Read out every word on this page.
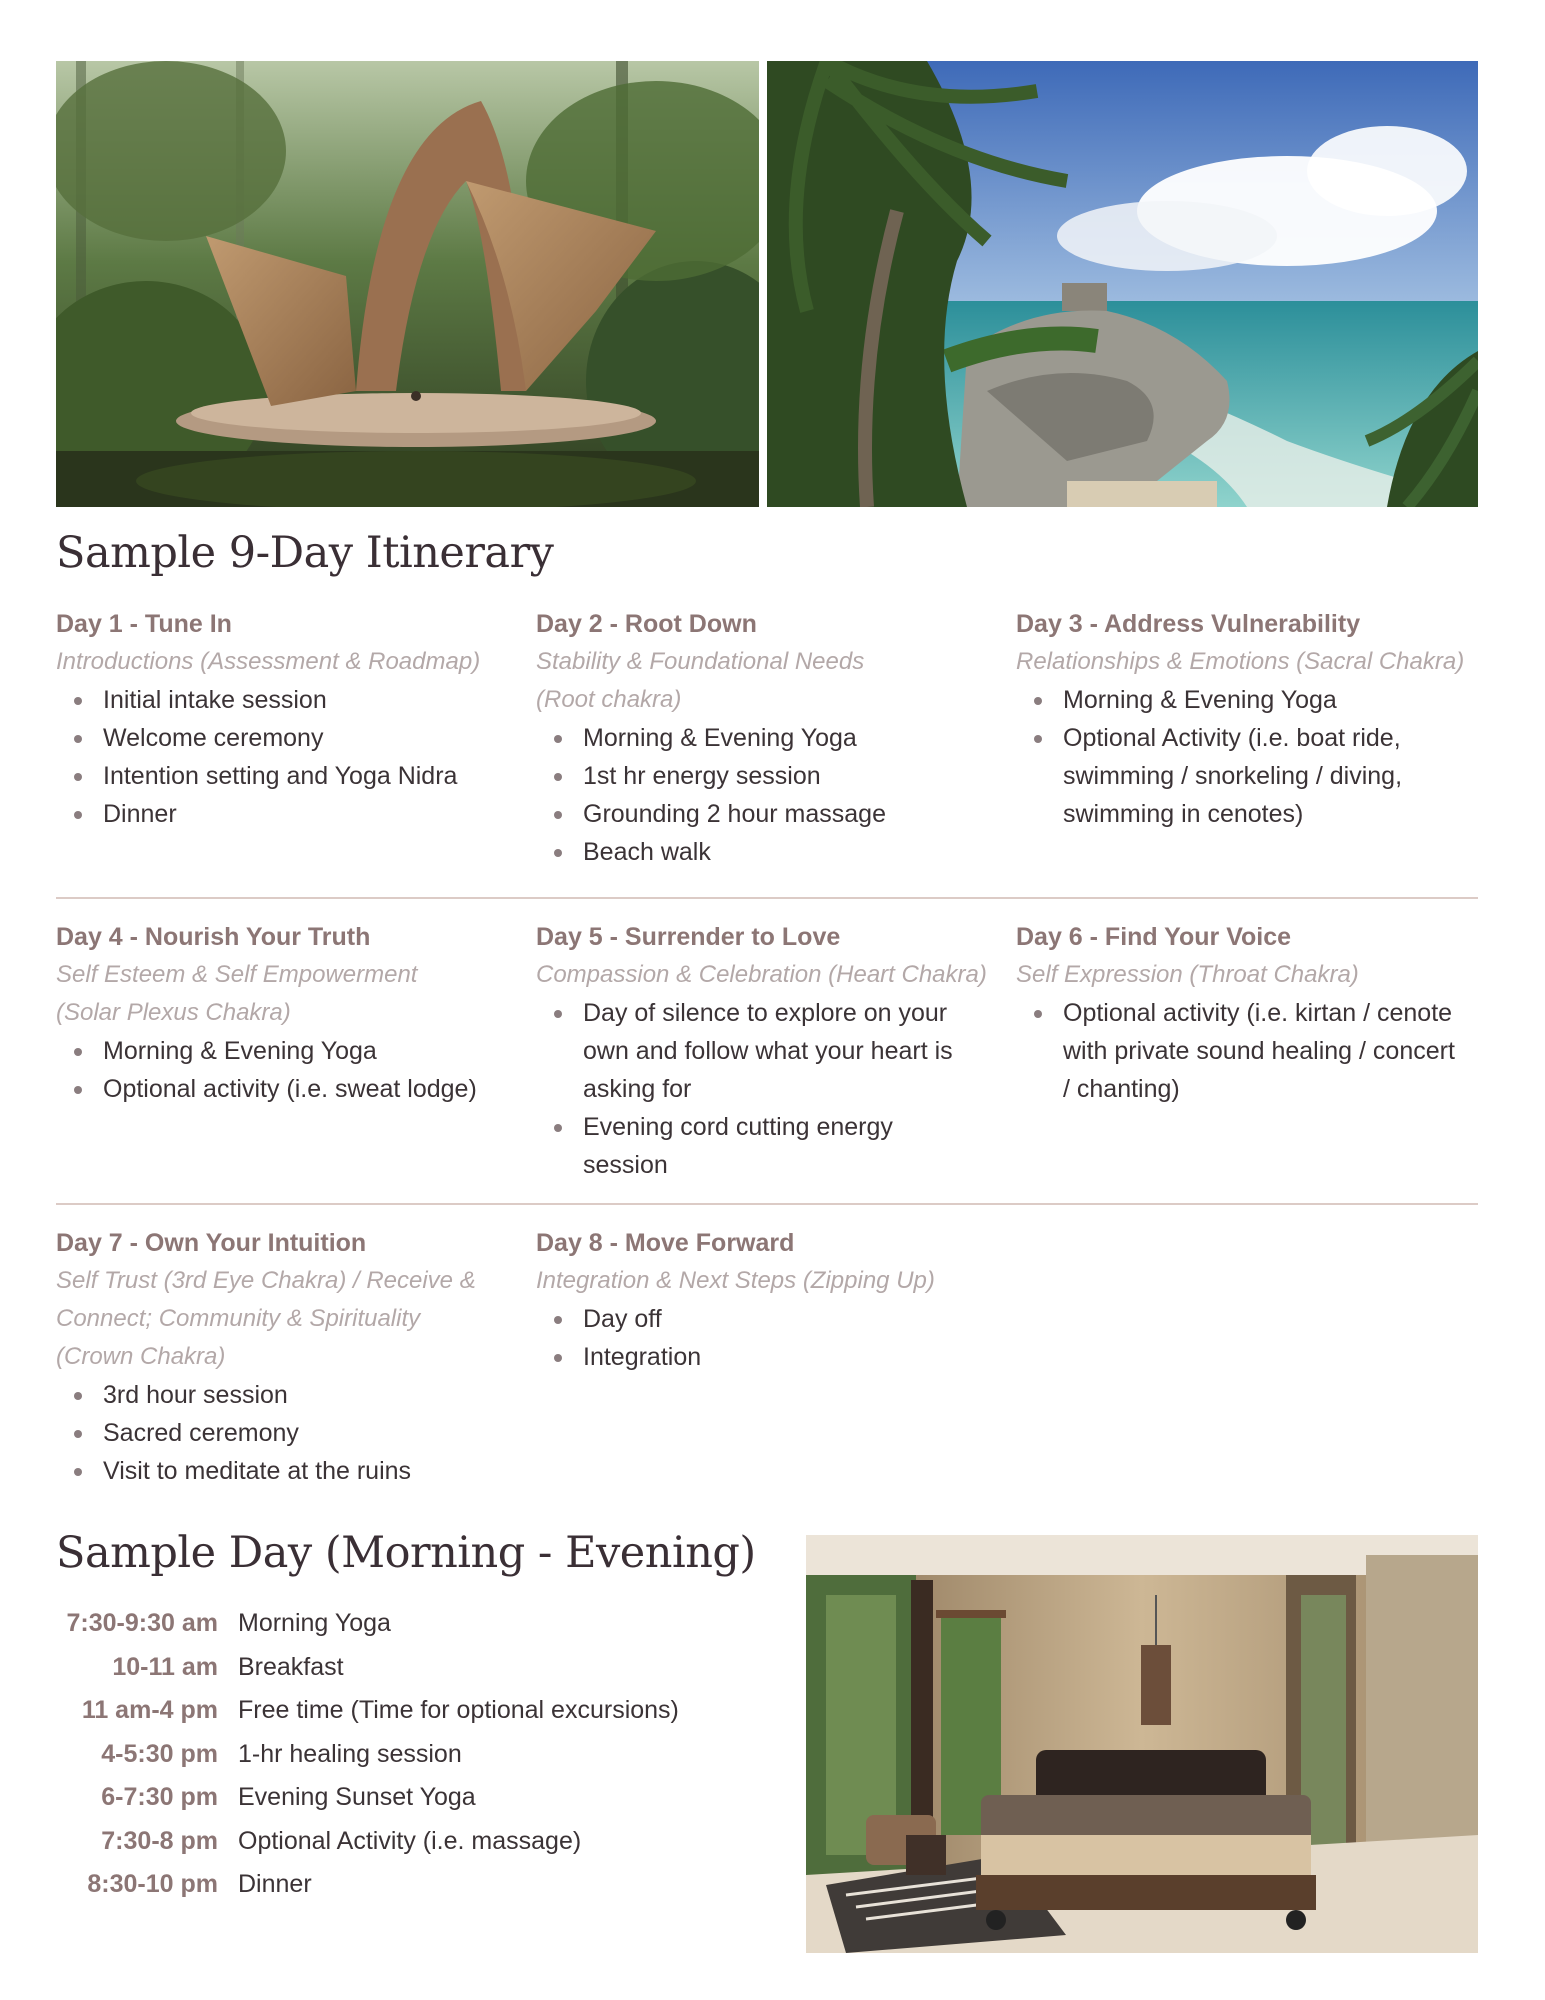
Sample 9-Day Itinerary
Day 1 - Tune In
Introductions (Assessment & Roadmap)
Initial intake session
Welcome ceremony
Intention setting and Yoga Nidra
Dinner
Day 2 - Root Down
Stability & Foundational Needs (Root chakra)
Morning & Evening Yoga
1st hr energy session
Grounding 2 hour massage
Beach walk
Day 3 - Address Vulnerability
Relationships & Emotions (Sacral Chakra)
Morning & Evening Yoga
Optional Activity (i.e. boat ride, swimming / snorkeling / diving, swimming in cenotes)
Day 4 - Nourish Your Truth
Self Esteem & Self Empowerment (Solar Plexus Chakra)
Morning & Evening Yoga
Optional activity (i.e. sweat lodge)
Day 5 - Surrender to Love
Compassion & Celebration (Heart Chakra)
Day of silence to explore on your own and follow what your heart is asking for
Evening cord cutting energy session
Day 6 - Find Your Voice
Self Expression (Throat Chakra)
Optional activity (i.e. kirtan / cenote with private sound healing / concert / chanting)
Day 7 - Own Your Intuition
Self Trust (3rd Eye Chakra) / Receive & Connect; Community & Spirituality (Crown Chakra)
3rd hour session
Sacred ceremony
Visit to meditate at the ruins
Day 8 - Move Forward
Integration & Next Steps (Zipping Up)
Day off
Integration
Sample Day (Morning - Evening)
7:30-9:30 am Morning Yoga
10-11 am Breakfast
11 am-4 pm Free time (Time for optional excursions)
4-5:30 pm 1-hr healing session
6-7:30 pm Evening Sunset Yoga
7:30-8 pm Optional Activity (i.e. massage)
8:30-10 pm Dinner
